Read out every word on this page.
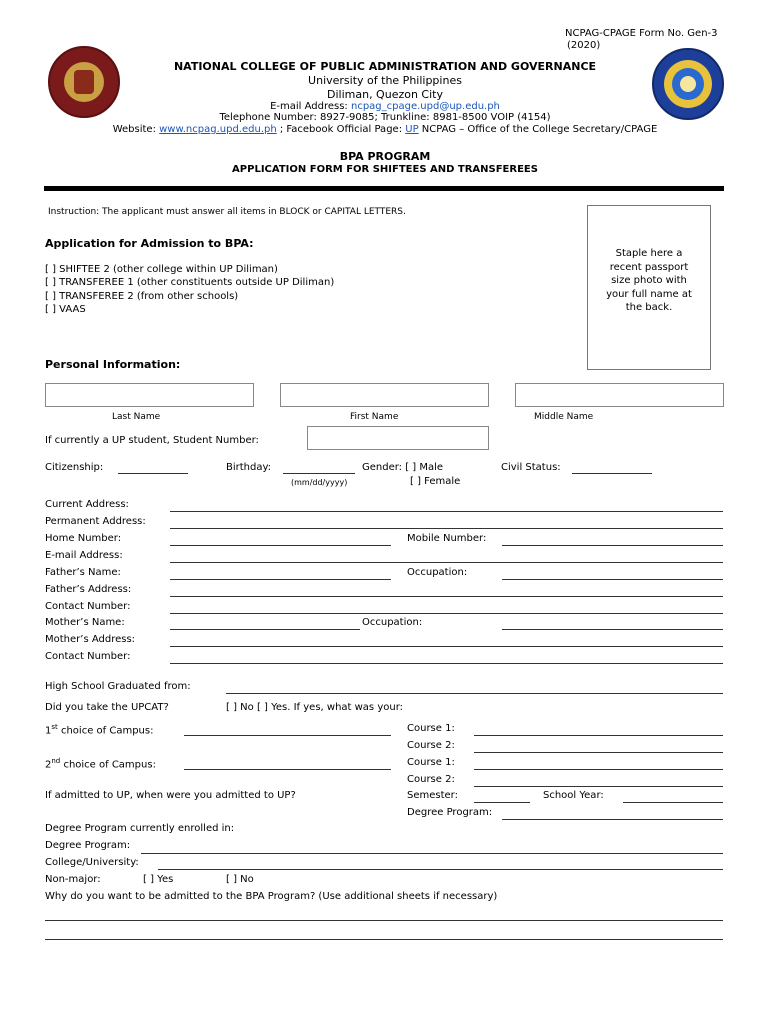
NCPAG-CPAGE Form No. Gen-3
(2020)
NATIONAL COLLEGE OF PUBLIC ADMINISTRATION AND GOVERNANCE
University of the Philippines
Diliman, Quezon City
E-mail Address: ncpag_cpage.upd@up.edu.ph
Telephone Number: 8927-9085; Trunkline: 8981-8500 VOIP (4154)
Website: www.ncpag.upd.edu.ph ; Facebook Official Page: UP NCPAG – Office of the College Secretary/CPAGE
BPA PROGRAM
APPLICATION FORM FOR SHIFTEES AND TRANSFEREES
Instruction: The applicant must answer all items in BLOCK or CAPITAL LETTERS.
Staple here a
recent passport
size photo with
your full name at
the back.
Application for Admission to BPA:
[ ] SHIFTEE 2 (other college within UP Diliman)
[ ] TRANSFEREE 1 (other constituents outside UP Diliman)
[ ] TRANSFEREE 2 (from other schools)
[ ] VAAS
Personal Information:
Last Name	First Name	Middle Name
If currently a UP student, Student Number:
Citizenship:	Birthday:
(mm/dd/yyyy)
Gender: [ ] Male
[ ] Female
Civil Status:
Current Address:
Permanent Address:
Home Number:	Mobile Number:
E-mail Address:
Father’s Name:	Occupation:
Father’s Address:
Contact Number:
Mother’s Name:	Occupation:
Mother’s Address:
Contact Number:
High School Graduated from:
Did you take the UPCAT?	[ ] No [ ] Yes. If yes, what was your:
1st choice of Campus:	Course 1:
Course 2:
2nd choice of Campus:	Course 1:
Course 2:
If admitted to UP, when were you admitted to UP?	Semester:	School Year:
Degree Program:
Degree Program currently enrolled in:
Degree Program:
College/University:
Non-major:	[ ] Yes	[ ] No
Why do you want to be admitted to the BPA Program? (Use additional sheets if necessary)
